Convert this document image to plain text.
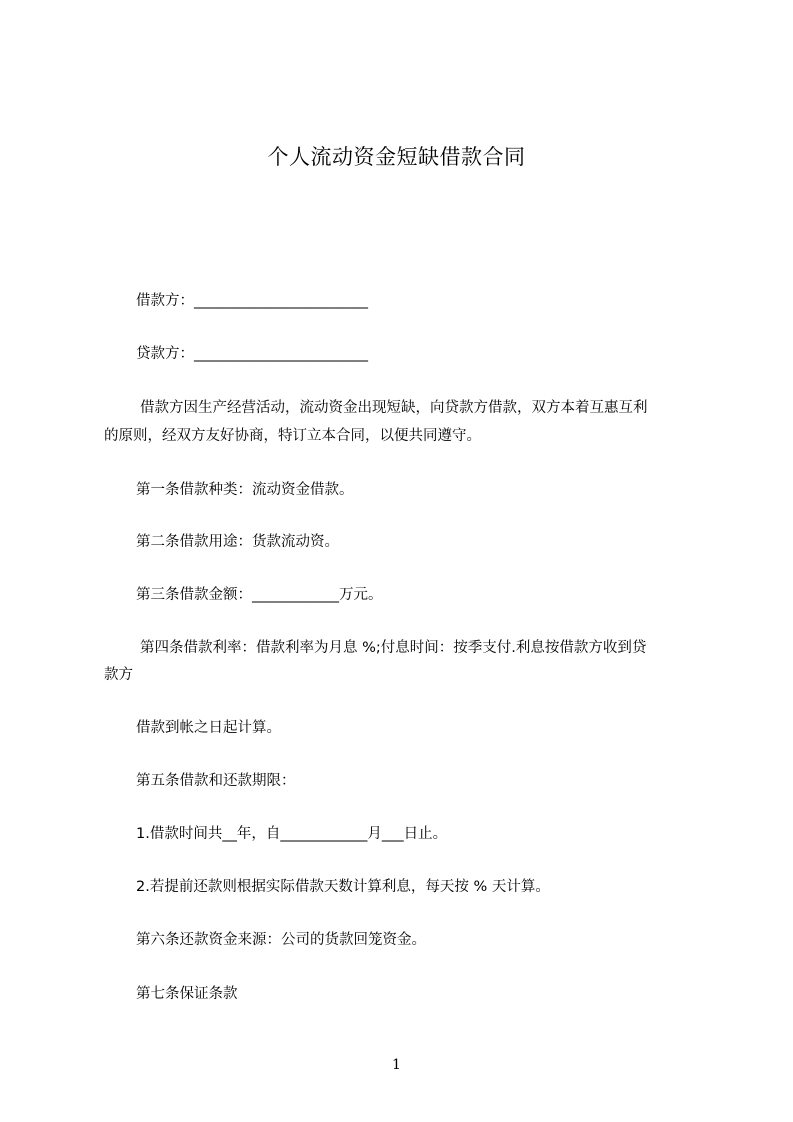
个人流动资金短缺借款合同
借款方：________________________
贷款方：________________________
借款方因生产经营活动，流动资金出现短缺，向贷款方借款，双方本着互惠互利
的原则，经双方友好协商，特订立本合同，以便共同遵守。
第一条借款种类：流动资金借款。
第二条借款用途：货款流动资。
第三条借款金额：____________万元。
第四条借款利率：借款利率为月息 %;付息时间：按季支付.利息按借款方收到贷
款方
借款到帐之日起计算。
第五条借款和还款期限：
1.借款时间共__年，自____________月___日止。
2.若提前还款则根据实际借款天数计算利息，每天按 % 天计算。
第六条还款资金来源：公司的货款回笼资金。
第七条保证条款
1
